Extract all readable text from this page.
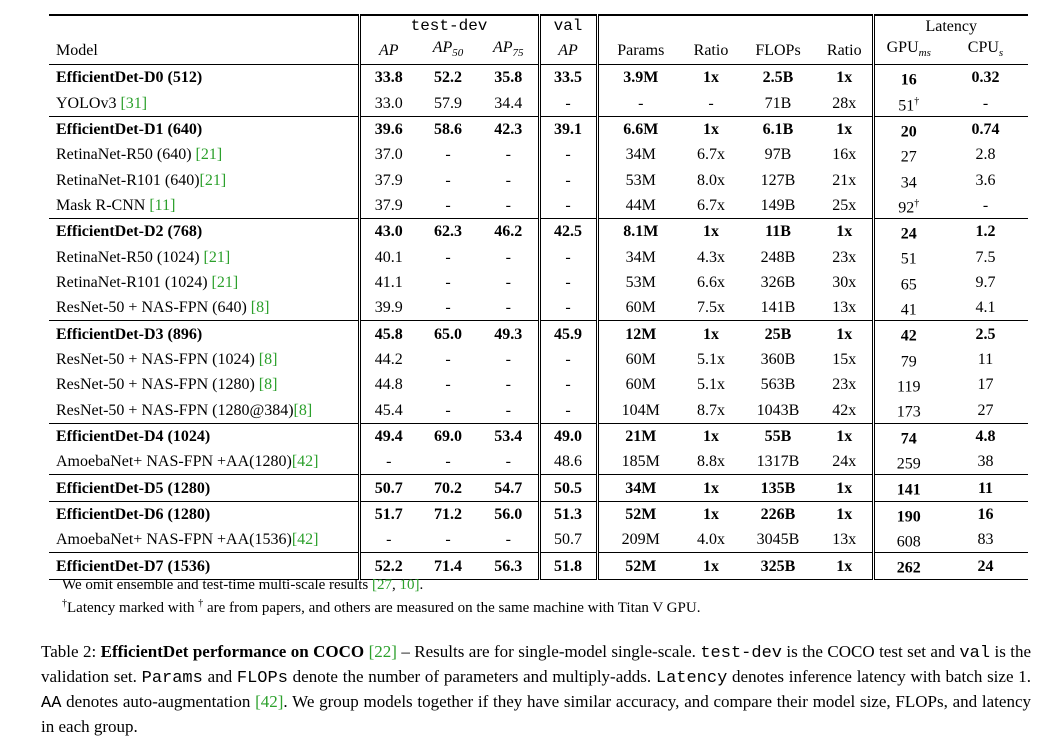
	test-dev			val					Latency	
Model	AP	$AP_{50}$	$AP_{75}$	AP	Params	Ratio	FLOPs	Ratio	$GPU_{ms}$	$CPU_s$
EfficientDet-D0 (512)	33.8	52.2	35.8	33.5	3.9M	1x	2.5B	1x	16	0.32
YOLOv3 [31]	33.0	57.9	34.4	-	-	-	71B	28x	51†	-
EfficientDet-D1 (640)	39.6	58.6	42.3	39.1	6.6M	1x	6.1B	1x	20	0.74
RetinaNet-R50 (640) [21]	37.0	-	-	-	34M	6.7x	97B	16x	27	2.8
RetinaNet-R101 (640)[21]	37.9	-	-	-	53M	8.0x	127B	21x	34	3.6
Mask R-CNN [11]	37.9	-	-	-	44M	6.7x	149B	25x	92†	-
EfficientDet-D2 (768)	43.0	62.3	46.2	42.5	8.1M	1x	11B	1x	24	1.2
RetinaNet-R50 (1024) [21]	40.1	-	-	-	34M	4.3x	248B	23x	51	7.5
RetinaNet-R101 (1024) [21]	41.1	-	-	-	53M	6.6x	326B	30x	65	9.7
ResNet-50 + NAS-FPN (640) [8]	39.9	-	-	-	60M	7.5x	141B	13x	41	4.1
EfficientDet-D3 (896)	45.8	65.0	49.3	45.9	12M	1x	25B	1x	42	2.5
ResNet-50 + NAS-FPN (1024) [8]	44.2	-	-	-	60M	5.1x	360B	15x	79	11
ResNet-50 + NAS-FPN (1280) [8]	44.8	-	-	-	60M	5.1x	563B	23x	119	17
ResNet-50 + NAS-FPN (1280@384)[8]	45.4	-	-	-	104M	8.7x	1043B	42x	173	27
EfficientDet-D4 (1024)	49.4	69.0	53.4	49.0	21M	1x	55B	1x	74	4.8
AmoebaNet+ NAS-FPN +AA(1280)[42]	-	-	-	48.6	185M	8.8x	1317B	24x	259	38
EfficientDet-D5 (1280)	50.7	70.2	54.7	50.5	34M	1x	135B	1x	141	11
EfficientDet-D6 (1280)	51.7	71.2	56.0	51.3	52M	1x	226B	1x	190	16
AmoebaNet+ NAS-FPN +AA(1536)[42]	-	-	-	50.7	209M	4.0x	3045B	13x	608	83
EfficientDet-D7 (1536)	52.2	71.4	56.3	51.8	52M	1x	325B	1x	262	24
We omit ensemble and test-time multi-scale results [27, 10].
†Latency marked with † are from papers, and others are measured on the same machine with Titan V GPU.
Table 2: EfficientDet performance on COCO [22] – Results are for single-model single-scale. test-dev is the COCO test set and val is the validation set. Params and FLOPs denote the number of parameters and multiply-adds. Latency denotes inference latency with batch size 1. AA denotes auto-augmentation [42]. We group models together if they have similar accuracy, and compare their model size, FLOPs, and latency in each group.
